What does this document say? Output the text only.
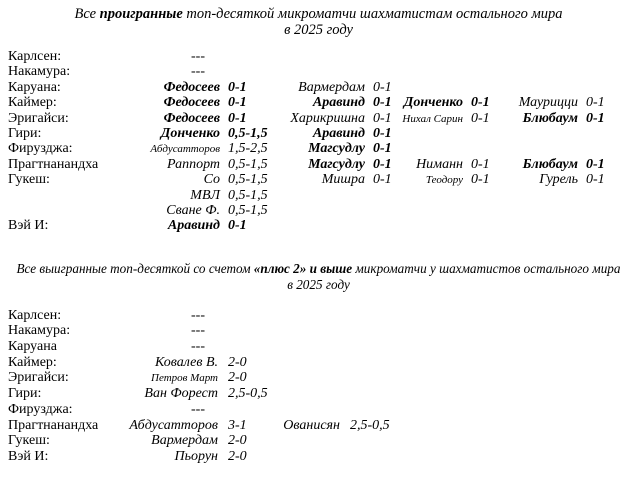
Все проигранные топ-десяткой микроматчи шахматистам остального мира
в 2025 году
Карлсен:	---
Накамура:	---
Каруана:	Федосеев 0-1	Вармердам 0-1
Каймер:	Федосеев 0-1	Аравинд 0-1 Донченко 0-1	Маурицци 0-1
Эригайси:	Федосеев 0-1	Харикришна 0-1 Нихал Сарин 0-1	Блюбаум 0-1
Гири:	Донченко 0,5-1,5	Аравинд 0-1
Фирузджа:	Абдусатторов 1,5-2,5	Магсудлу 0-1
Прагтнанандха	Раппорт 0,5-1,5	Магсудлу 0-1	Ниманн 0-1	Блюбаум 0-1
Гукеш:	Со 0,5-1,5	Мишра 0-1	Теодору 0-1	Гурель 0-1
МВЛ 0,5-1,5
Сване Ф. 0,5-1,5
Вэй И:	Аравинд 0-1
Все выигранные топ-десяткой со счетом «плюс 2» и выше микроматчи у шахматистов остального мира
в 2025 году
Карлсен:	---
Накамура:	---
Каруана	---
Каймер:	Ковалев В. 2-0
Эригайси:	Петров Март 2-0
Гири:	Ван Форест 2,5-0,5
Фирузджа:	---
Прагтнанандха	Абдусатторов 3-1	Ованисян 2,5-0,5
Гукеш:	Вармердам 2-0
Вэй И:	Пьорун 2-0
